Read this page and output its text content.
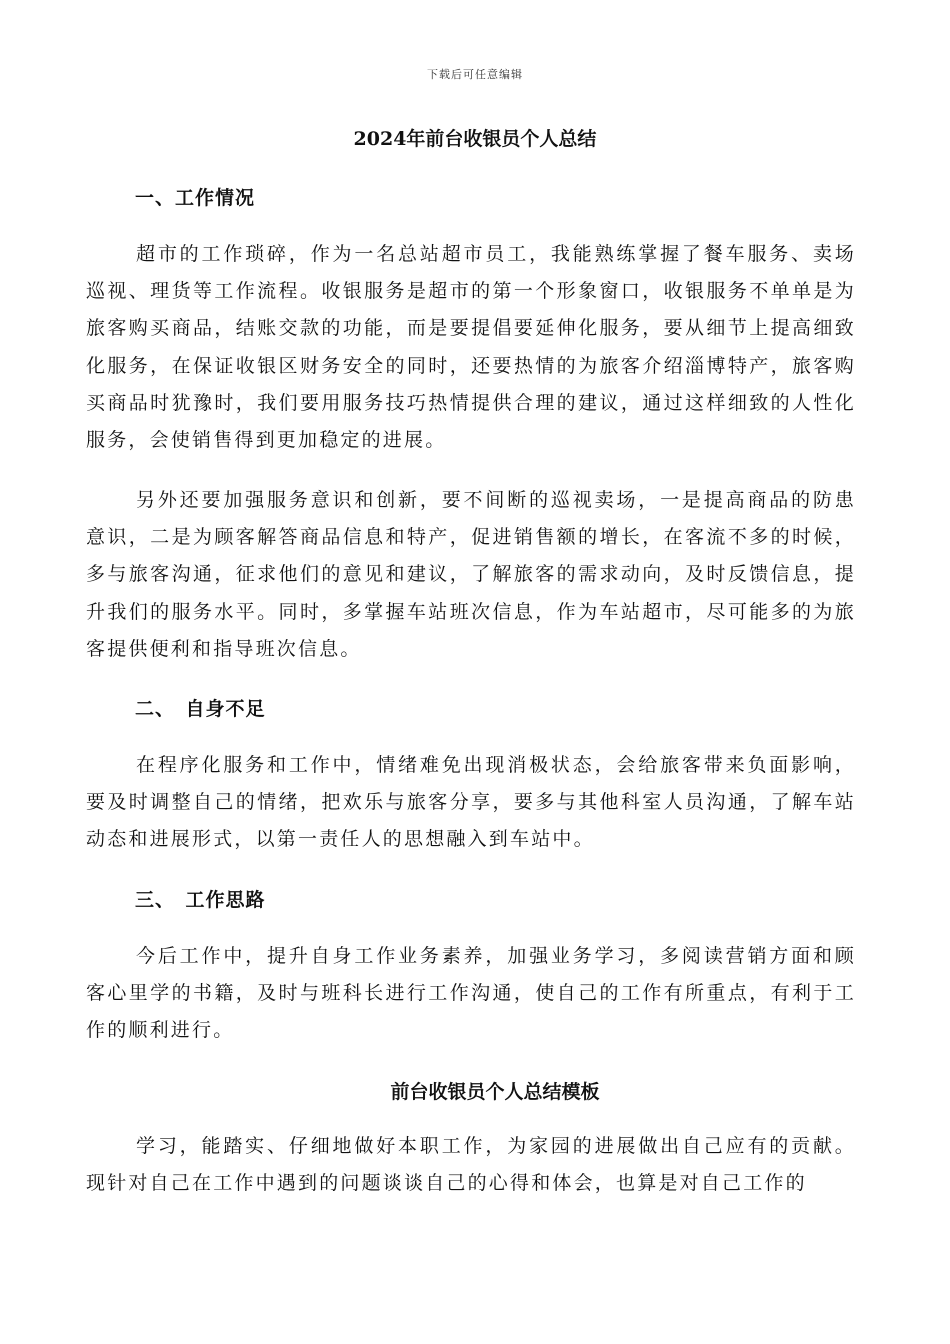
下载后可任意编辑
2024年前台收银员个人总结
一、工作情况

超市的工作琐碎，作为一名总站超市员工，我能熟练掌握了餐车服务、卖场巡视、理货等工作流程。收银服务是超市的第一个形象窗口，收银服务不单单是为旅客购买商品，结账交款的功能，而是要提倡要延伸化服务，要从细节上提高细致化服务，在保证收银区财务安全的同时，还要热情的为旅客介绍淄博特产，旅客购买商品时犹豫时，我们要用服务技巧热情提供合理的建议，通过这样细致的人性化服务，会使销售得到更加稳定的进展。

另外还要加强服务意识和创新，要不间断的巡视卖场，一是提高商品的防患意识，二是为顾客解答商品信息和特产，促进销售额的增长，在客流不多的时候，多与旅客沟通，征求他们的意见和建议，了解旅客的需求动向，及时反馈信息，提升我们的服务水平。同时，多掌握车站班次信息，作为车站超市，尽可能多的为旅客提供便利和指导班次信息。

二、　自身不足

在程序化服务和工作中，情绪难免出现消极状态，会给旅客带来负面影响，要及时调整自己的情绪，把欢乐与旅客分享，要多与其他科室人员沟通，了解车站动态和进展形式，以第一责任人的思想融入到车站中。

三、　工作思路

今后工作中，提升自身工作业务素养，加强业务学习，多阅读营销方面和顾客心里学的书籍，及时与班科长进行工作沟通，使自己的工作有所重点，有利于工作的顺利进行。

前台收银员个人总结模板

学习，能踏实、仔细地做好本职工作，为家园的进展做出自己应有的贡献。现针对自己在工作中遇到的问题谈谈自己的心得和体会，也算是对自己工作的
